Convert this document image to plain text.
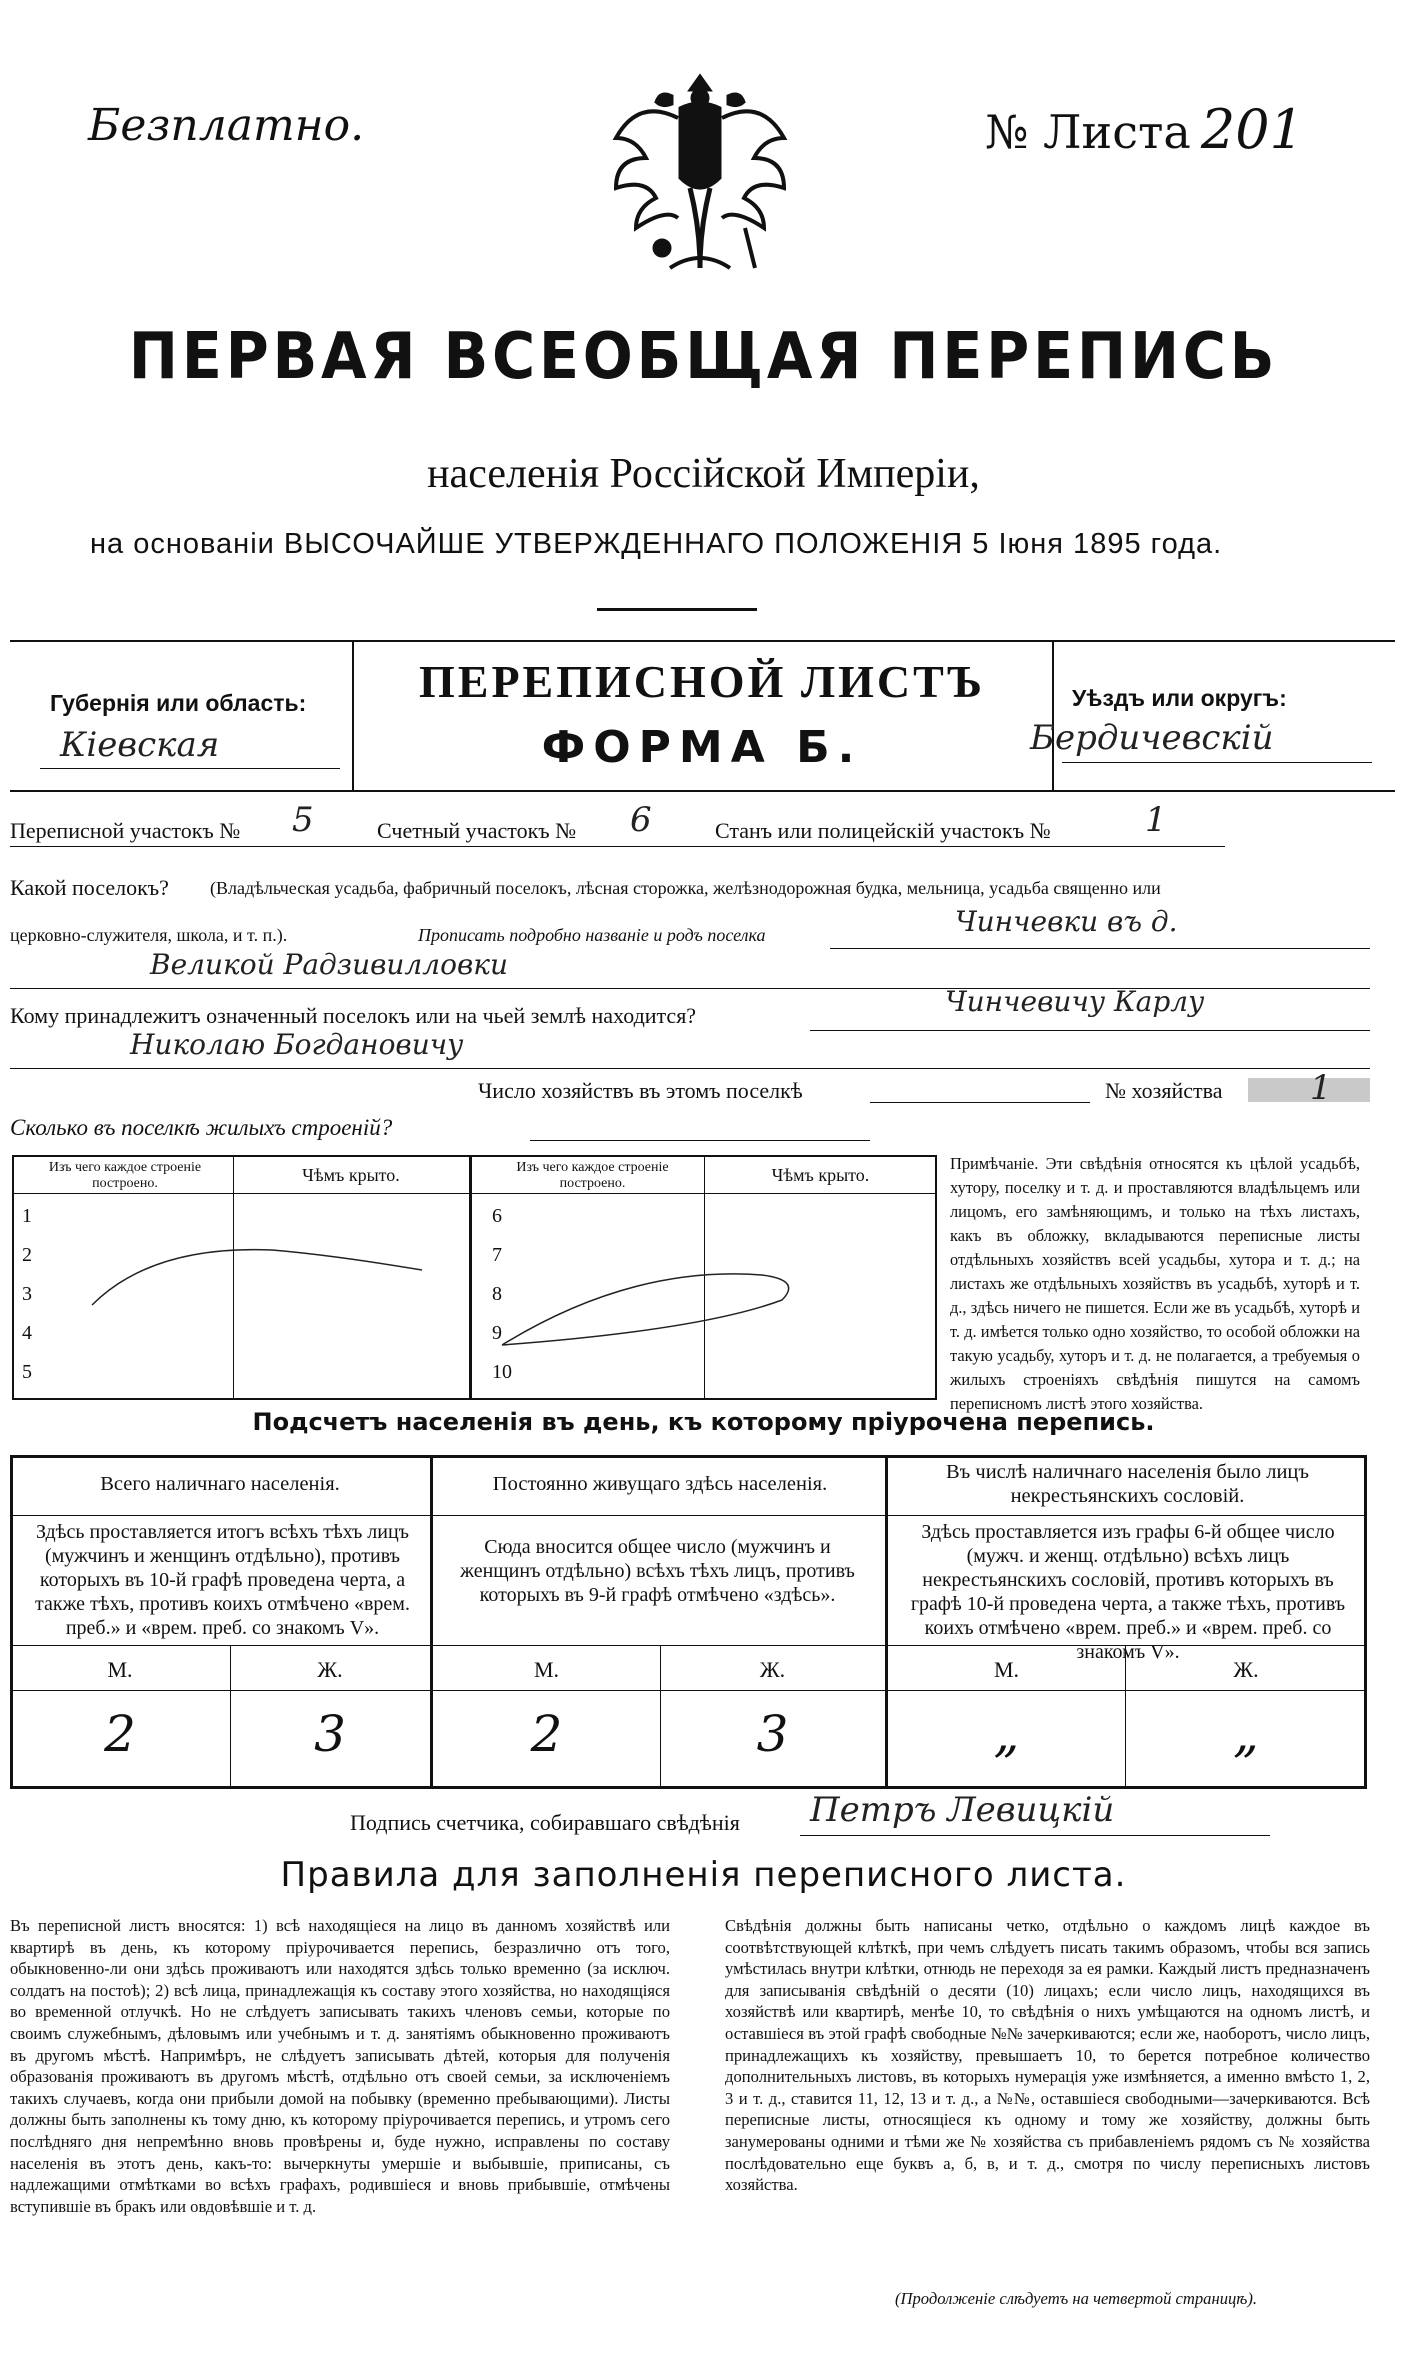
Безплатно.	№ Листа 201
ПЕРВАЯ ВСЕОБЩАЯ ПЕРЕПИСЬ
населенія Россійской Имперіи,
на основаніи ВЫСОЧАЙШЕ УТВЕРЖДЕННАГО ПОЛОЖЕНІЯ 5 Іюня 1895 года.
Губернія или область:
Кіевская
ПЕРЕПИСНОЙ ЛИСТЪ
ФОРМА Б.
Уѣздъ или округъ:
Бердичевскій
Переписной участокъ № 5	Счетный участокъ № 6	Станъ или полицейскій участокъ №	1
Какой поселокъ? (Владѣльческая усадьба, фабричный поселокъ, лѣсная сторожка, желѣзнодорожная будка, мельница, усадьба священно или
церковно-служителя, школа, и т. п.).	Прописать подробно названіе и родъ поселка	Чинчевки въ д.
Великой Радзивилловки
Кому принадлежитъ означенный поселокъ или на чьей землѣ находится?	Чинчевичу Карлу
Николаю Богдановичу
Число хозяйствъ въ этомъ поселкѣ	№ хозяйства	1
Сколько въ поселкѣ жилыхъ строеній?
Изъ чего каждое строеніе построено.	Чѣмъ крыто.	Изъ чего каждое строеніе построено.	Чѣмъ крыто.
1
2
3
4
5
6
7
8
9
10
Примѣчаніе. Эти свѣдѣнія относятся къ цѣлой усадьбѣ, хутору, поселку и т. д. и проставляются владѣльцемъ или лицомъ, его замѣняющимъ, и только на тѣхъ листахъ, какъ въ обложку, вкладываются переписные листы отдѣльныхъ хозяйствъ всей усадьбы, хутора и т. д.; на листахъ же отдѣльныхъ хозяйствъ въ усадьбѣ, хуторѣ и т. д., здѣсь ничего не пишется. Если же въ усадьбѣ, хуторѣ и т. д. имѣется только одно хозяйство, то особой обложки на такую усадьбу, хуторъ и т. д. не полагается, а требуемыя о жилыхъ строеніяхъ свѣдѣнія пишутся на самомъ переписномъ листѣ этого хозяйства.
Подсчетъ населенія въ день, къ которому пріурочена перепись.
Всего наличнаго населенія.	Постоянно живущаго здѣсь населенія.
Въ числѣ наличнаго населенія было лицъ некрестьянскихъ сословій.
Здѣсь проставляется итогъ всѣхъ тѣхъ лицъ (мужчинъ и женщинъ отдѣльно), противъ которыхъ въ 10-й графѣ проведена черта, а также тѣхъ, противъ коихъ отмѣчено «врем. преб.» и «врем. преб. со знакомъ V».
Сюда вносится общее число (мужчинъ и женщинъ отдѣльно) всѣхъ тѣхъ лицъ, противъ которыхъ въ 9-й графѣ отмѣчено «здѣсь».
Здѣсь проставляется изъ графы 6-й общее число (мужч. и женщ. отдѣльно) всѣхъ лицъ некрестьянскихъ сословій, противъ которыхъ въ графѣ 10-й проведена черта, а также тѣхъ, противъ коихъ отмѣчено «врем. преб.» и «врем. преб. со знакомъ V».
М.	Ж.	М.	Ж.	М.	Ж.
2	3	2	3	„	„
Подпись счетчика, собиравшаго свѣдѣнія Петръ Левицкій
Правила для заполненія переписного листа.
Въ переписной листъ вносятся: 1) всѣ находящіеся на лицо въ данномъ хозяйствѣ или квартирѣ въ день, къ которому пріурочивается перепись, безразлично отъ того, обыкновенно-ли они здѣсь проживаютъ или находятся здѣсь только временно (за исключ. солдатъ на постоѣ); 2) всѣ лица, принадлежащія къ составу этого хозяйства, но находящіяся во временной отлучкѣ. Но не слѣдуетъ записывать такихъ членовъ семьи, которые по своимъ служебнымъ, дѣловымъ или учебнымъ и т. д. занятіямъ обыкновенно проживаютъ въ другомъ мѣстѣ. Напримѣръ, не слѣдуетъ записывать дѣтей, которыя для полученія образованія проживаютъ въ другомъ мѣстѣ, отдѣльно отъ своей семьи, за исключеніемъ такихъ случаевъ, когда они прибыли домой на побывку (временно пребывающими). Листы должны быть заполнены къ тому дню, къ которому пріурочивается перепись, и утромъ сего послѣдняго дня непремѣнно вновь провѣрены и, буде нужно, исправлены по составу населенія въ этотъ день, какъ-то: вычеркнуты умершіе и выбывшіе, приписаны, съ надлежащими отмѣтками во всѣхъ графахъ, родившіеся и вновь прибывшіе, отмѣчены вступившіе въ бракъ или овдовѣвшіе и т. д.
Свѣдѣнія должны быть написаны четко, отдѣльно о каждомъ лицѣ каждое въ соотвѣтствующей клѣткѣ, при чемъ слѣдуетъ писать такимъ образомъ, чтобы вся запись умѣстилась внутри клѣтки, отнюдь не переходя за ея рамки. Каждый листъ предназначенъ для записыванія свѣдѣній о десяти (10) лицахъ; если число лицъ, находящихся въ хозяйствѣ или квартирѣ, менѣе 10, то свѣдѣнія о нихъ умѣщаются на одномъ листѣ, и оставшіеся въ этой графѣ свободные №№ зачеркиваются; если же, наоборотъ, число лицъ, принадлежащихъ къ хозяйству, превышаетъ 10, то берется потребное количество дополнительныхъ листовъ, въ которыхъ нумерація уже измѣняется, а именно вмѣсто 1, 2, 3 и т. д., ставится 11, 12, 13 и т. д., а №№, оставшіеся свободными—зачеркиваются. Всѣ переписные листы, относящіеся къ одному и тому же хозяйству, должны быть занумерованы одними и тѣми же № хозяйства съ прибавленіемъ рядомъ съ № хозяйства послѣдовательно еще буквъ а, б, в, и т. д., смотря по числу переписныхъ листовъ хозяйства.
(Продолженіе слѣдуетъ на четвертой страницѣ).
